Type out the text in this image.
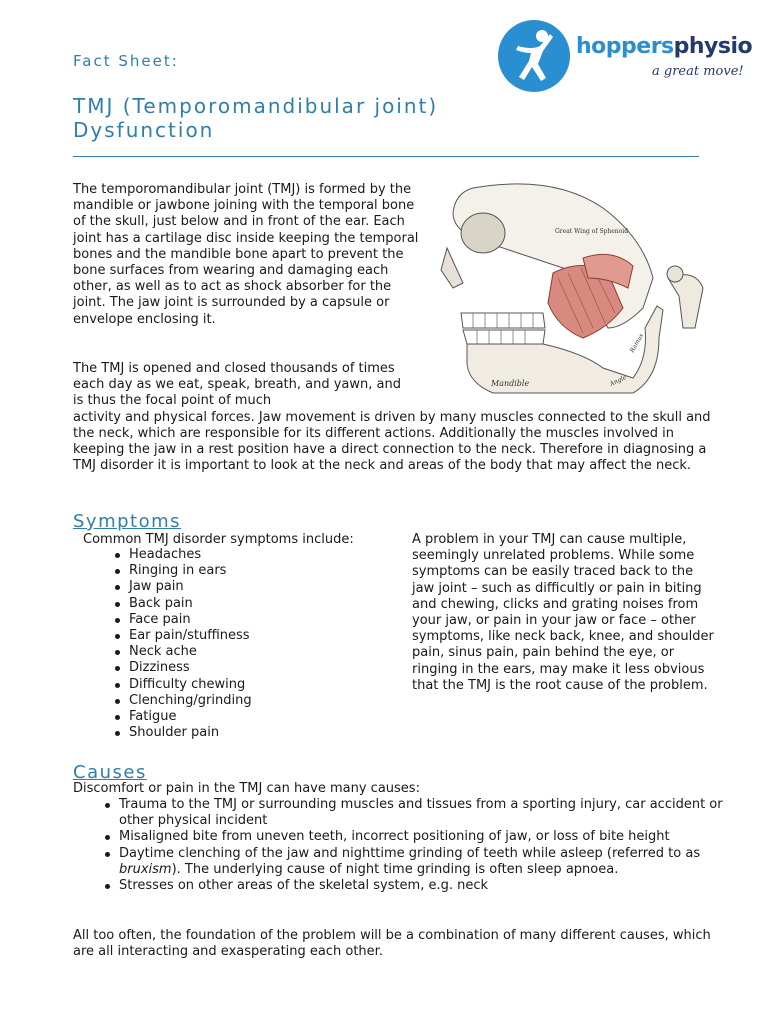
Fact Sheet:
TMJ (Temporomandibular joint)
Dysfunction
hoppersphysio
a great move!
The temporomandibular joint (TMJ) is formed by the mandible or jawbone joining with the temporal bone of the skull, just below and in front of the ear. Each joint has a cartilage disc inside keeping the temporal bones and the mandible bone apart to prevent the bone surfaces from wearing and damaging each other, as well as to act as shock absorber for the joint. The jaw joint is surrounded by a capsule or envelope enclosing it.
The TMJ is opened and closed thousands of times each day as we eat, speak, breath, and yawn, and is thus the focal point of much
activity and physical forces. Jaw movement is driven by many muscles connected to the skull and the neck, which are responsible for its different actions. Additionally the muscles involved in keeping the jaw in a rest position have a direct connection to the neck. Therefore in diagnosing a TMJ disorder it is important to look at the neck and areas of the body that may affect the neck.
Great Wing of Sphenoid
Mandible
Ramus
Angle
Symptoms
Common TMJ disorder symptoms include:
Headaches
Ringing in ears
Jaw pain
Back pain
Face pain
Ear pain/stuffiness
Neck ache
Dizziness
Difficulty chewing
Clenching/grinding
Fatigue
Shoulder pain
A problem in your TMJ can cause multiple, seemingly unrelated problems. While some symptoms can be easily traced back to the jaw joint – such as difficultly or pain in biting and chewing, clicks and grating noises from your jaw, or pain in your jaw or face – other symptoms, like neck back, knee, and shoulder pain, sinus pain, pain behind the eye, or ringing in the ears, may make it less obvious that the TMJ is the root cause of the problem.
Causes
Discomfort or pain in the TMJ can have many causes:
Trauma to the TMJ or surrounding muscles and tissues from a sporting injury, car accident or other physical incident
Misaligned bite from uneven teeth, incorrect positioning of jaw, or loss of bite height
Daytime clenching of the jaw and nighttime grinding of teeth while asleep (referred to as bruxism). The underlying cause of night time grinding is often sleep apnoea.
Stresses on other areas of the skeletal system, e.g. neck
All too often, the foundation of the problem will be a combination of many different causes, which are all interacting and exasperating each other.
